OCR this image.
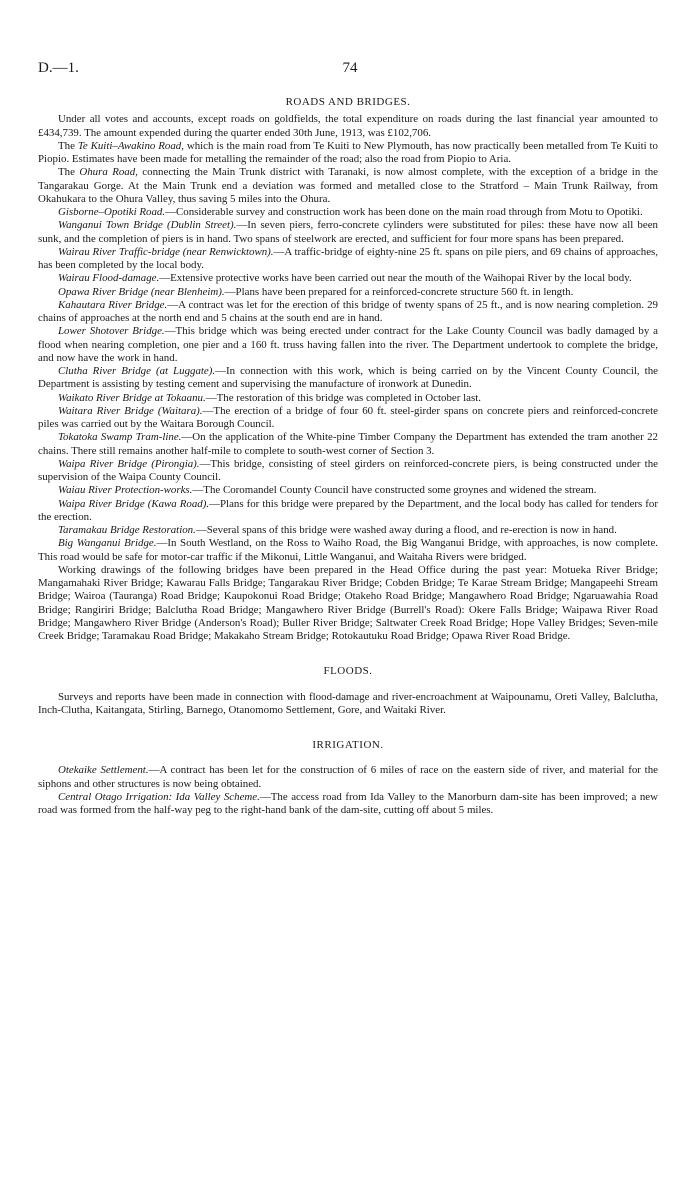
D.—1.	74
ROADS AND BRIDGES.

Under all votes and accounts, except roads on goldfields, the total expenditure on roads during the last financial year amounted to £434,739. The amount expended during the quarter ended 30th June, 1913, was £102,706.

The Te Kuiti–Awakino Road, which is the main road from Te Kuiti to New Plymouth, has now practically been metalled from Te Kuiti to Piopio. Estimates have been made for metalling the remainder of the road; also the road from Piopio to Aria.

The Ohura Road, connecting the Main Trunk district with Taranaki, is now almost complete, with the exception of a bridge in the Tangarakau Gorge. At the Main Trunk end a deviation was formed and metalled close to the Stratford – Main Trunk Railway, from Okahukara to the Ohura Valley, thus saving 5 miles into the Ohura.

Gisborne–Opotiki Road.—Considerable survey and construction work has been done on the main road through from Motu to Opotiki.

Wanganui Town Bridge (Dublin Street).—In seven piers, ferro-concrete cylinders were substituted for piles: these have now all been sunk, and the completion of piers is in hand. Two spans of steelwork are erected, and sufficient for four more spans has been prepared.

Wairau River Traffic-bridge (near Renwicktown).—A traffic-bridge of eighty-nine 25 ft. spans on pile piers, and 69 chains of approaches, has been completed by the local body.

Wairau Flood-damage.—Extensive protective works have been carried out near the mouth of the Waihopai River by the local body.

Opawa River Bridge (near Blenheim).—Plans have been prepared for a reinforced-concrete structure 560 ft. in length.

Kahautara River Bridge.—A contract was let for the erection of this bridge of twenty spans of 25 ft., and is now nearing completion. 29 chains of approaches at the north end and 5 chains at the south end are in hand.

Lower Shotover Bridge.—This bridge which was being erected under contract for the Lake County Council was badly damaged by a flood when nearing completion, one pier and a 160 ft. truss having fallen into the river. The Department undertook to complete the bridge, and now have the work in hand.

Clutha River Bridge (at Luggate).—In connection with this work, which is being carried on by the Vincent County Council, the Department is assisting by testing cement and supervising the manufacture of ironwork at Dunedin.

Waikato River Bridge at Tokaanu.—The restoration of this bridge was completed in October last.

Waitara River Bridge (Waitara).—The erection of a bridge of four 60 ft. steel-girder spans on concrete piers and reinforced-concrete piles was carried out by the Waitara Borough Council.

Tokatoka Swamp Tram-line.—On the application of the White-pine Timber Company the Department has extended the tram another 22 chains. There still remains another half-mile to complete to south-west corner of Section 3.

Waipa River Bridge (Pirongia).—This bridge, consisting of steel girders on reinforced-concrete piers, is being constructed under the supervision of the Waipa County Council.

Waiau River Protection-works.—The Coromandel County Council have constructed some groynes and widened the stream.

Waipa River Bridge (Kawa Road).—Plans for this bridge were prepared by the Department, and the local body has called for tenders for the erection.

Taramakau Bridge Restoration.—Several spans of this bridge were washed away during a flood, and re-erection is now in hand.

Big Wanganui Bridge.—In South Westland, on the Ross to Waiho Road, the Big Wanganui Bridge, with approaches, is now complete. This road would be safe for motor-car traffic if the Mikonui, Little Wanganui, and Waitaha Rivers were bridged.

Working drawings of the following bridges have been prepared in the Head Office during the past year: Motueka River Bridge; Mangamahaki River Bridge; Kawarau Falls Bridge; Tangarakau River Bridge; Cobden Bridge; Te Karae Stream Bridge; Mangapeehi Stream Bridge; Wairoa (Tauranga) Road Bridge; Kaupokonui Road Bridge; Otakeho Road Bridge; Mangawhero Road Bridge; Ngaruawahia Road Bridge; Rangiriri Bridge; Balclutha Road Bridge; Mangawhero River Bridge (Burrell's Road): Okere Falls Bridge; Waipawa River Road Bridge; Mangawhero River Bridge (Anderson's Road); Buller River Bridge; Saltwater Creek Road Bridge; Hope Valley Bridges; Seven-mile Creek Bridge; Taramakau Road Bridge; Makakaho Stream Bridge; Rotokautuku Road Bridge; Opawa River Road Bridge.

FLOODS.

Surveys and reports have been made in connection with flood-damage and river-encroachment at Waipounamu, Oreti Valley, Balclutha, Inch-Clutha, Kaitangata, Stirling, Barnego, Otanomomo Settlement, Gore, and Waitaki River.

IRRIGATION.

Otekaike Settlement.—A contract has been let for the construction of 6 miles of race on the eastern side of river, and material for the siphons and other structures is now being obtained.

Central Otago Irrigation: Ida Valley Scheme.—The access road from Ida Valley to the Manorburn dam-site has been improved; a new road was formed from the half-way peg to the right-hand bank of the dam-site, cutting off about 5 miles.
